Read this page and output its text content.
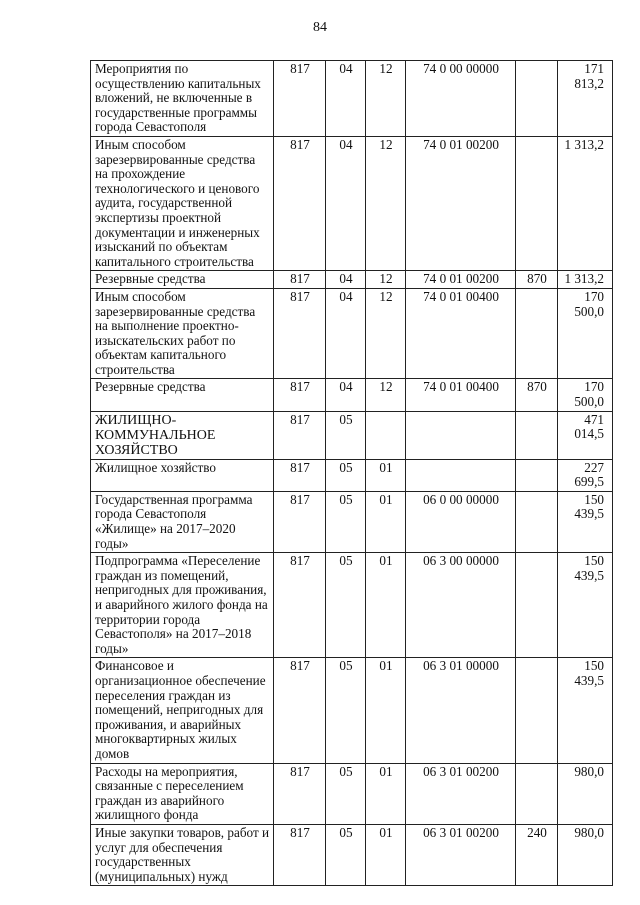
84
Мероприятия по осуществлению капитальных вложений, не включенные в государственные программы города Севастополя	817	04	12	74 0 00 00000		171 813,2
Иным способом зарезервированные средства на прохождение технологического и ценового аудита, государственной экспертизы проектной документации и инженерных изысканий по объектам капитального строительства	817	04	12	74 0 01 00200		1 313,2
Резервные средства	817	04	12	74 0 01 00200	870	1 313,2
Иным способом зарезервированные средства на выполнение проектно-изыскательских работ по объектам капитального строительства	817	04	12	74 0 01 00400		170 500,0
Резервные средства	817	04	12	74 0 01 00400	870	170 500,0
ЖИЛИЩНО-КОММУНАЛЬНОЕ ХОЗЯЙСТВО	817	05				471 014,5
Жилищное хозяйство	817	05	01			227 699,5
Государственная программа города Севастополя «Жилище» на 2017–2020 годы»	817	05	01	06 0 00 00000		150 439,5
Подпрограмма «Переселение граждан из помещений, непригодных для проживания, и аварийного жилого фонда на территории города Севастополя» на 2017–2018 годы»	817	05	01	06 3 00 00000		150 439,5
Финансовое и организационное обеспечение переселения граждан из помещений, непригодных для проживания, и аварийных многоквартирных жилых домов	817	05	01	06 3 01 00000		150 439,5
Расходы на мероприятия, связанные с переселением граждан из аварийного жилищного фонда	817	05	01	06 3 01 00200		980,0
Иные закупки товаров, работ и услуг для обеспечения государственных (муниципальных) нужд	817	05	01	06 3 01 00200	240	980,0
